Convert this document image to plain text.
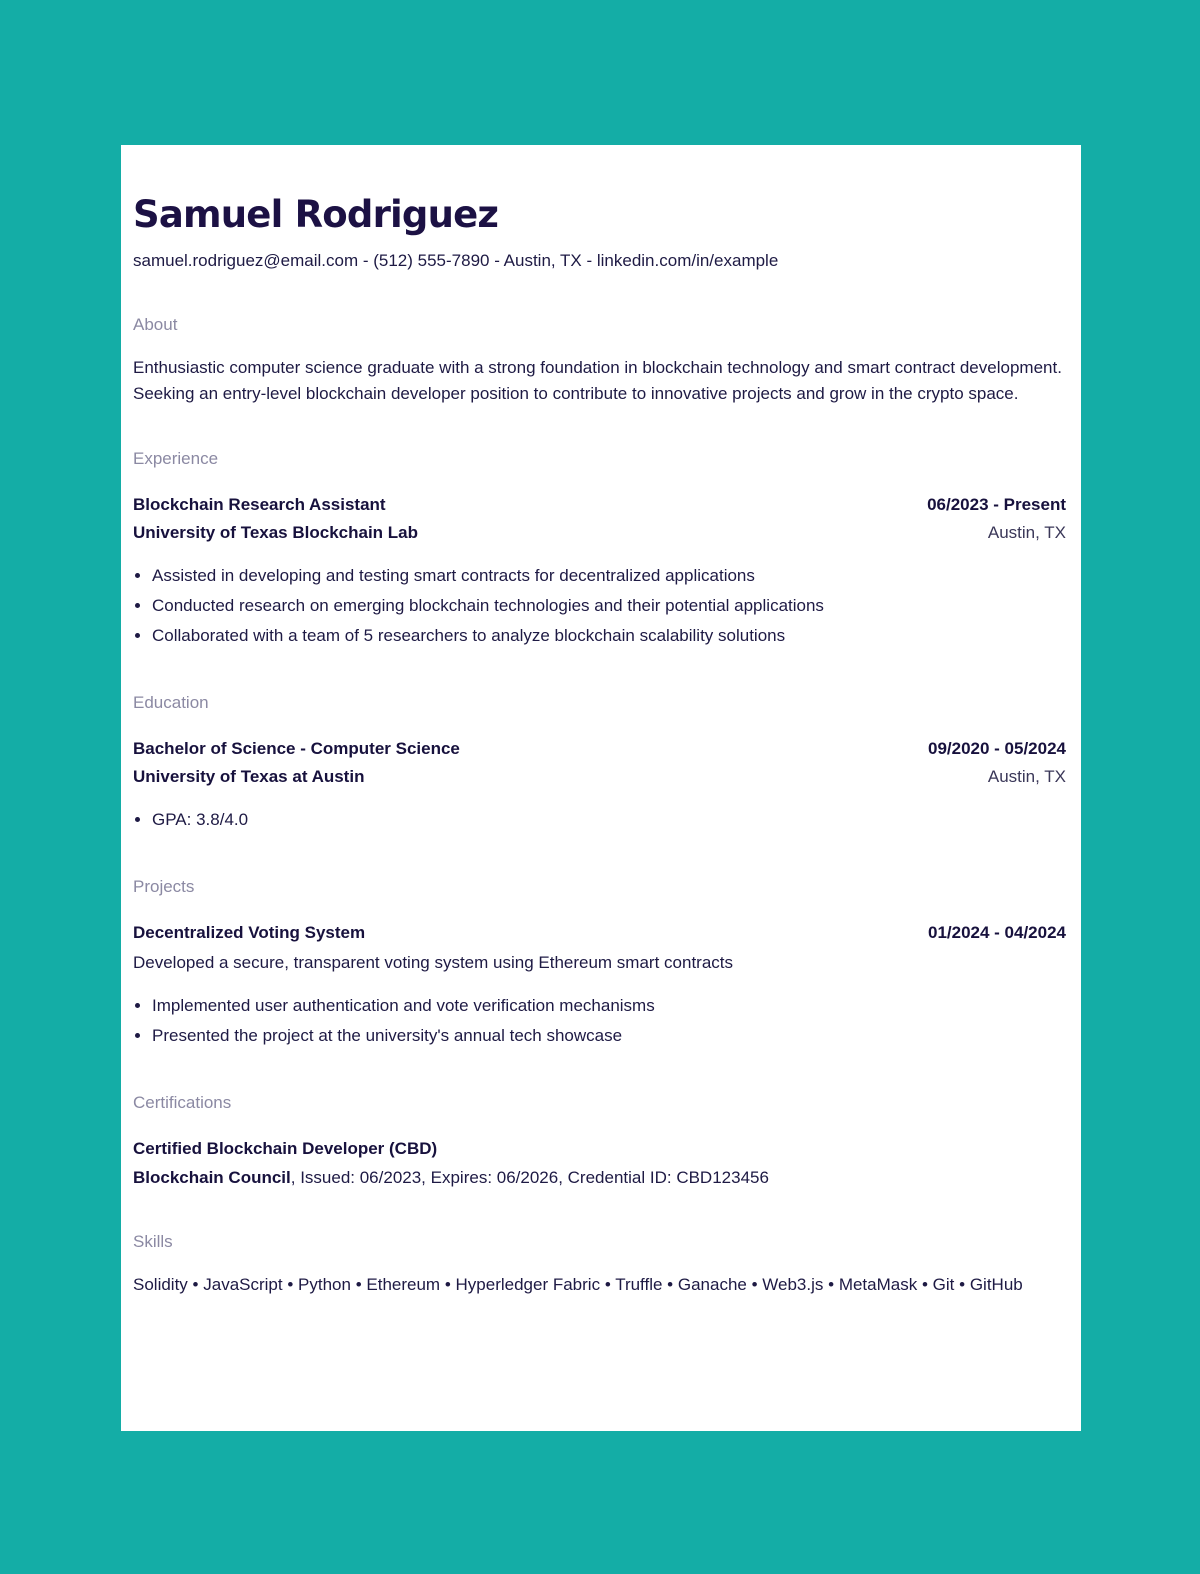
Samuel Rodriguez
samuel.rodriguez@email.com - (512) 555-7890 - Austin, TX - linkedin.com/in/example
About
Enthusiastic computer science graduate with a strong foundation in blockchain technology and smart contract development. Seeking an entry-level blockchain developer position to contribute to innovative projects and grow in the crypto space.
Experience
Blockchain Research Assistant	06/2023 - Present
University of Texas Blockchain Lab	Austin, TX
• Assisted in developing and testing smart contracts for decentralized applications
• Conducted research on emerging blockchain technologies and their potential applications
• Collaborated with a team of 5 researchers to analyze blockchain scalability solutions
Education
Bachelor of Science - Computer Science	09/2020 - 05/2024
University of Texas at Austin	Austin, TX
• GPA: 3.8/4.0
Projects
Decentralized Voting System	01/2024 - 04/2024
Developed a secure, transparent voting system using Ethereum smart contracts
• Implemented user authentication and vote verification mechanisms
• Presented the project at the university's annual tech showcase
Certifications
Certified Blockchain Developer (CBD)
Blockchain Council, Issued: 06/2023, Expires: 06/2026, Credential ID: CBD123456
Skills
Solidity • JavaScript • Python • Ethereum • Hyperledger Fabric • Truffle • Ganache • Web3.js • MetaMask • Git • GitHub
